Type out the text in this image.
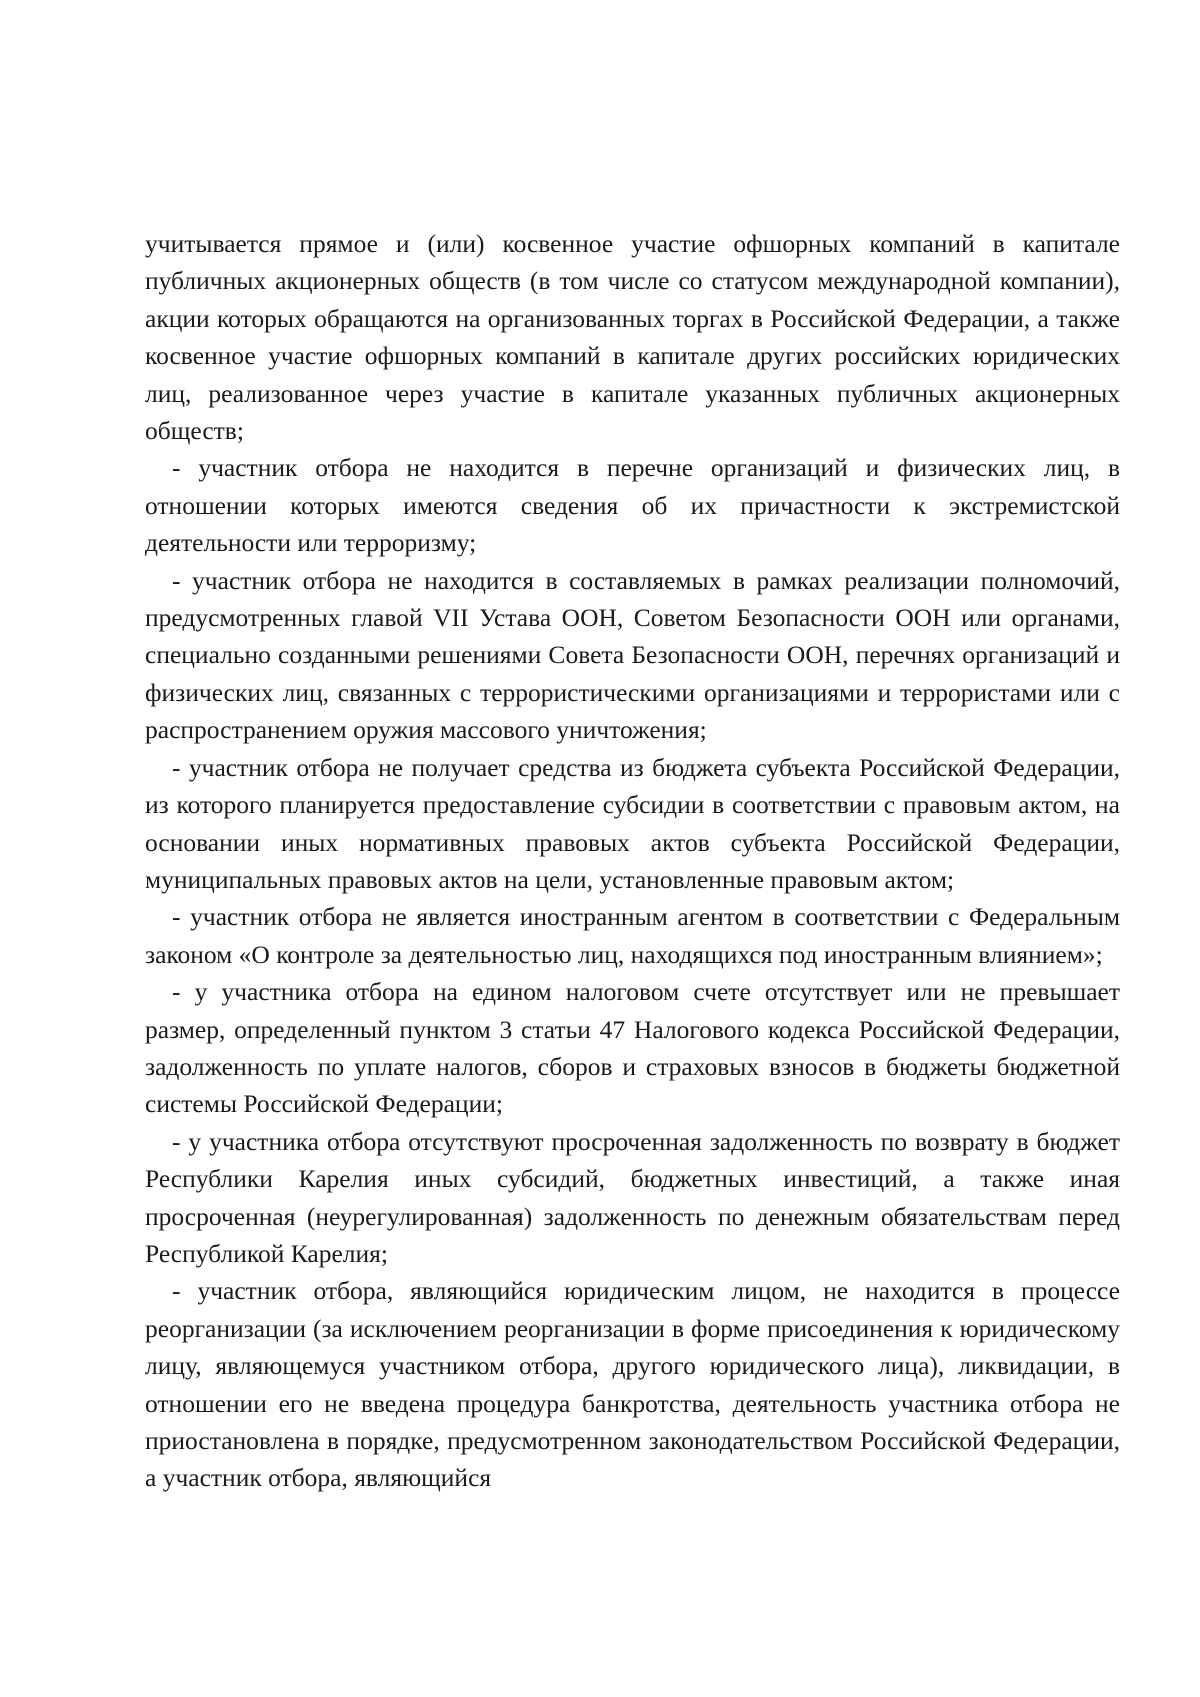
учитывается прямое и (или) косвенное участие офшорных компаний в капитале публичных акционерных обществ (в том числе со статусом международной компании), акции которых обращаются на организованных торгах в Российской Федерации, а также косвенное участие офшорных компаний в капитале других российских юридических лиц, реализованное через участие в капитале указанных публичных акционерных обществ;

- участник отбора не находится в перечне организаций и физических лиц, в отношении которых имеются сведения об их причастности к экстремистской деятельности или терроризму;

- участник отбора не находится в составляемых в рамках реализации полномочий, предусмотренных главой VII Устава ООН, Советом Безопасности ООН или органами, специально созданными решениями Совета Безопасности ООН, перечнях организаций и физических лиц, связанных с террористическими организациями и террористами или с распространением оружия массового уничтожения;

- участник отбора не получает средства из бюджета субъекта Российской Федерации, из которого планируется предоставление субсидии в соответствии с правовым актом, на основании иных нормативных правовых актов субъекта Российской Федерации, муниципальных правовых актов на цели, установленные правовым актом;

- участник отбора не является иностранным агентом в соответствии с Федеральным законом «О контроле за деятельностью лиц, находящихся под иностранным влиянием»;

- у участника отбора на едином налоговом счете отсутствует или не превышает размер, определенный пунктом 3 статьи 47 Налогового кодекса Российской Федерации, задолженность по уплате налогов, сборов и страховых взносов в бюджеты бюджетной системы Российской Федерации;

- у участника отбора отсутствуют просроченная задолженность по возврату в бюджет Республики Карелия иных субсидий, бюджетных инвестиций, а также иная просроченная (неурегулированная) задолженность по денежным обязательствам перед Республикой Карелия;

- участник отбора, являющийся юридическим лицом, не находится в процессе реорганизации (за исключением реорганизации в форме присоединения к юридическому лицу, являющемуся участником отбора, другого юридического лица), ликвидации, в отношении его не введена процедура банкротства, деятельность участника отбора не приостановлена в порядке, предусмотренном законодательством Российской Федерации, а участник отбора, являющийся
